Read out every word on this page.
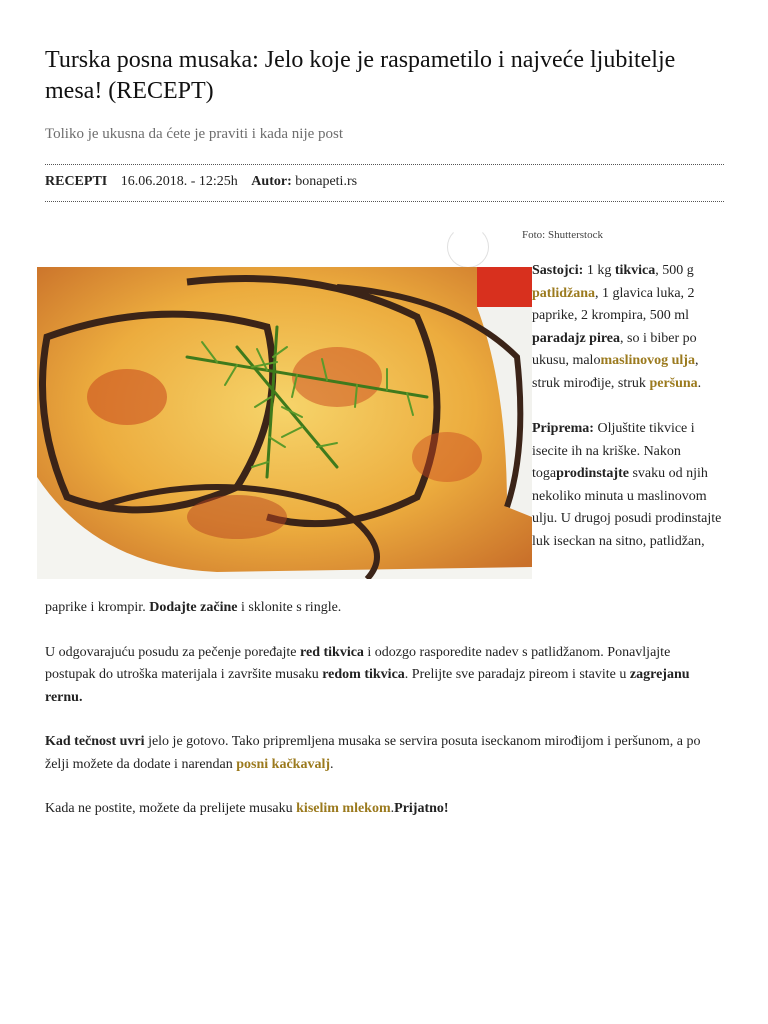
Turska posna musaka: Jelo koje je raspametilo i najveće ljubitelje mesa! (RECEPT)
Toliko je ukusna da ćete je praviti i kada nije post
RECEPTI 16.06.2018. - 12:25h Autor: bonapeti.rs
Foto: Shutterstock

Sastojci: 1 kg tikvica, 500 g patlidžana, 1 glavica luka, 2 paprike, 2 krompira, 500 ml paradajz pirea, so i biber po ukusu, malomaslinovog ulja, struk mirođije, struk peršuna.

Priprema: Oljuštite tikvice i isecite ih na kriške. Nakon togaprodinstajte svaku od njih nekoliko minuta u maslinovom ulju. U drugoj posudi prodinstajte luk iseckan na sitno, patlidžan,

paprike i krompir. Dodajte začine i sklonite s ringle.

U odgovarajuću posudu za pečenje poređajte red tikvica i odozgo rasporedite nadev s patlidžanom. Ponavljajte postupak do utroška materijala i završite musaku redom tikvica. Prelijte sve paradajz pireom i stavite u zagrejanu rernu.

Kad tečnost uvri jelo je gotovo. Tako pripremljena musaka se servira posuta iseckanom mirođijom i peršunom, a po želji možete da dodate i narendan posni kačkavalj.

Kada ne postite, možete da prelijete musaku kiselim mlekom.Prijatno!
